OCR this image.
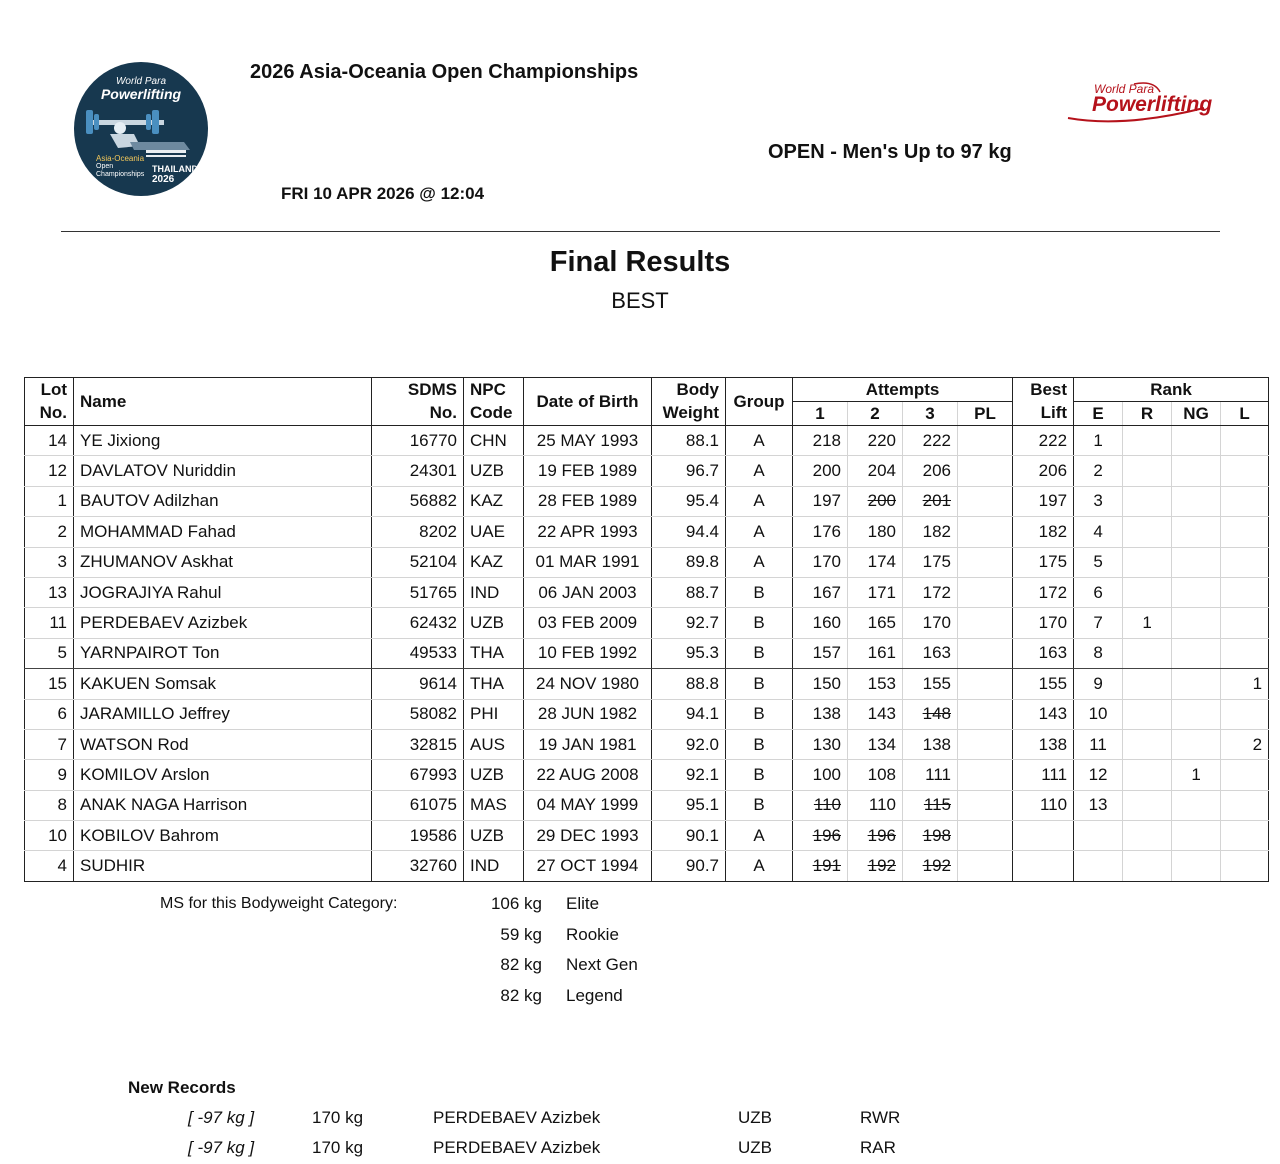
World Para
Powerlifting
Asia-Oceania
Open
Championships
THAILAND
2026
2026 Asia-Oceania Open Championships
OPEN - Men's Up to 97 kg
FRI 10 APR 2026 @ 12:04
World Para
Powerlifting
Final Results
BEST
Lot	Name	SDMS	NPC	Date of Birth	Body	Group	Attempts				Best	Rank			
No.		No.	Code		Weight		1	2	3	PL	Lift	E	R	NG	L
14	YE Jixiong	16770	CHN	25 MAY 1993	88.1	A	218	220	222		222	1			
12	DAVLATOV Nuriddin	24301	UZB	19 FEB 1989	96.7	A	200	204	206		206	2			
1	BAUTOV Adilzhan	56882	KAZ	28 FEB 1989	95.4	A	197	200	201		197	3			
2	MOHAMMAD Fahad	8202	UAE	22 APR 1993	94.4	A	176	180	182		182	4			
3	ZHUMANOV Askhat	52104	KAZ	01 MAR 1991	89.8	A	170	174	175		175	5			
13	JOGRAJIYA Rahul	51765	IND	06 JAN 2003	88.7	B	167	171	172		172	6			
11	PERDEBAEV Azizbek	62432	UZB	03 FEB 2009	92.7	B	160	165	170		170	7	1		
5	YARNPAIROT Ton	49533	THA	10 FEB 1992	95.3	B	157	161	163		163	8			
15	KAKUEN Somsak	9614	THA	24 NOV 1980	88.8	B	150	153	155		155	9			1
6	JARAMILLO Jeffrey	58082	PHI	28 JUN 1982	94.1	B	138	143	148		143	10			
7	WATSON Rod	32815	AUS	19 JAN 1981	92.0	B	130	134	138		138	11			2
9	KOMILOV Arslon	67993	UZB	22 AUG 2008	92.1	B	100	108	111		111	12		1	
8	ANAK NAGA Harrison	61075	MAS	04 MAY 1999	95.1	B	110	110	115		110	13			
10	KOBILOV Bahrom	19586	UZB	29 DEC 1993	90.1	A	196	196	198						
4	SUDHIR	32760	IND	27 OCT 1994	90.7	A	191	192	192						
MS for this Bodyweight Category:	106 kg Elite
59 kg Rookie
82 kg Next Gen
82 kg Legend
New Records
[ -97 kg ]	170 kg	PERDEBAEV Azizbek	UZB	RWR
[ -97 kg ]	170 kg	PERDEBAEV Azizbek	UZB	RAR
